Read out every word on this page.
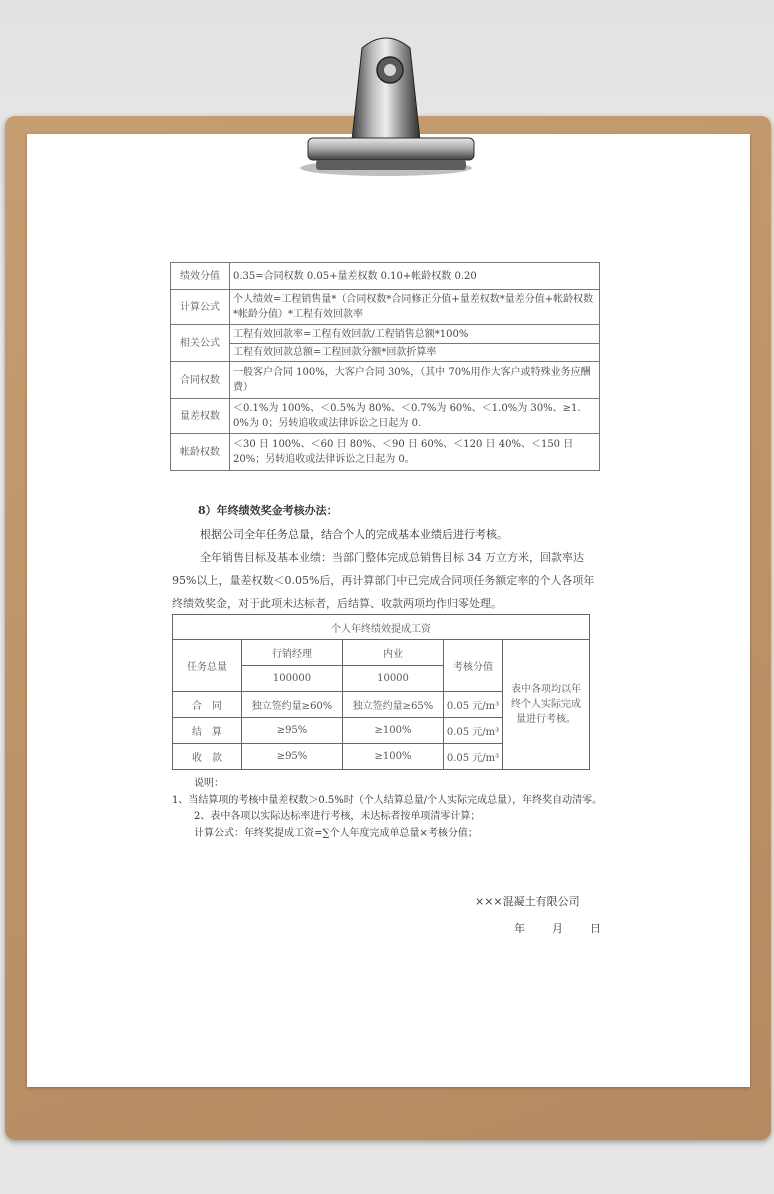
绩效分值	0.35=合同权数 0.05+量差权数 0.10+帐龄权数 0.20
计算公式	个人绩效=工程销售量*（合同权数*合同修正分值+量差权数*量差分值+帐龄权数*帐龄分值）*工程有效回款率
相关公式	工程有效回款率=工程有效回款/工程销售总额*100%
工程有效回款总额=工程回款分额*回款折算率

合同权数	一般客户合同 100%，大客户合同 30%，（其中 70%用作大客户或特殊业务应酬费）
量差权数	＜0.1%为 100%、＜0.5%为 80%、＜0.7%为 60%、＜1.0%为 30%、≥1. 0%为 0；另转追收或法律诉讼之日起为 0.
帐龄权数	＜30 日 100%、＜60 日 80%、＜90 日 60%、＜120 日 40%、＜150 日 20%；另转追收或法律诉讼之日起为 0。
8）年终绩效奖金考核办法：
根据公司全年任务总量，结合个人的完成基本业绩后进行考核。
全年销售目标及基本业绩：当部门整体完成总销售目标 34 万立方米，回款率达 95%以上，量差权数＜0.05%后，再计算部门中已完成合同项任务额定率的个人各项年终绩效奖金，对于此项未达标者，后结算、收款两项均作归零处理。
个人年终绩效提成工资				
任务总量	行销经理	内业	考核分值	表中各项均以年终个人实际完成量进行考核。
	100000	10000		
合　同	独立签约量≥60%	独立签约量≥65%	0.05 元/m³	
结　算	≥95%	≥100%	0.05 元/m³	
收　款	≥95%	≥100%	0.05 元/m³	
说明：
1、当结算项的考核中量差权数＞0.5%时（个人结算总量/个人实际完成总量），年终奖自动清零。
2、表中各项以实际达标率进行考核，未达标者按单项清零计算；
计算公式：年终奖提成工资=∑个人年度完成单总量×考核分值；
×××混凝土有限公司
年 月 日
